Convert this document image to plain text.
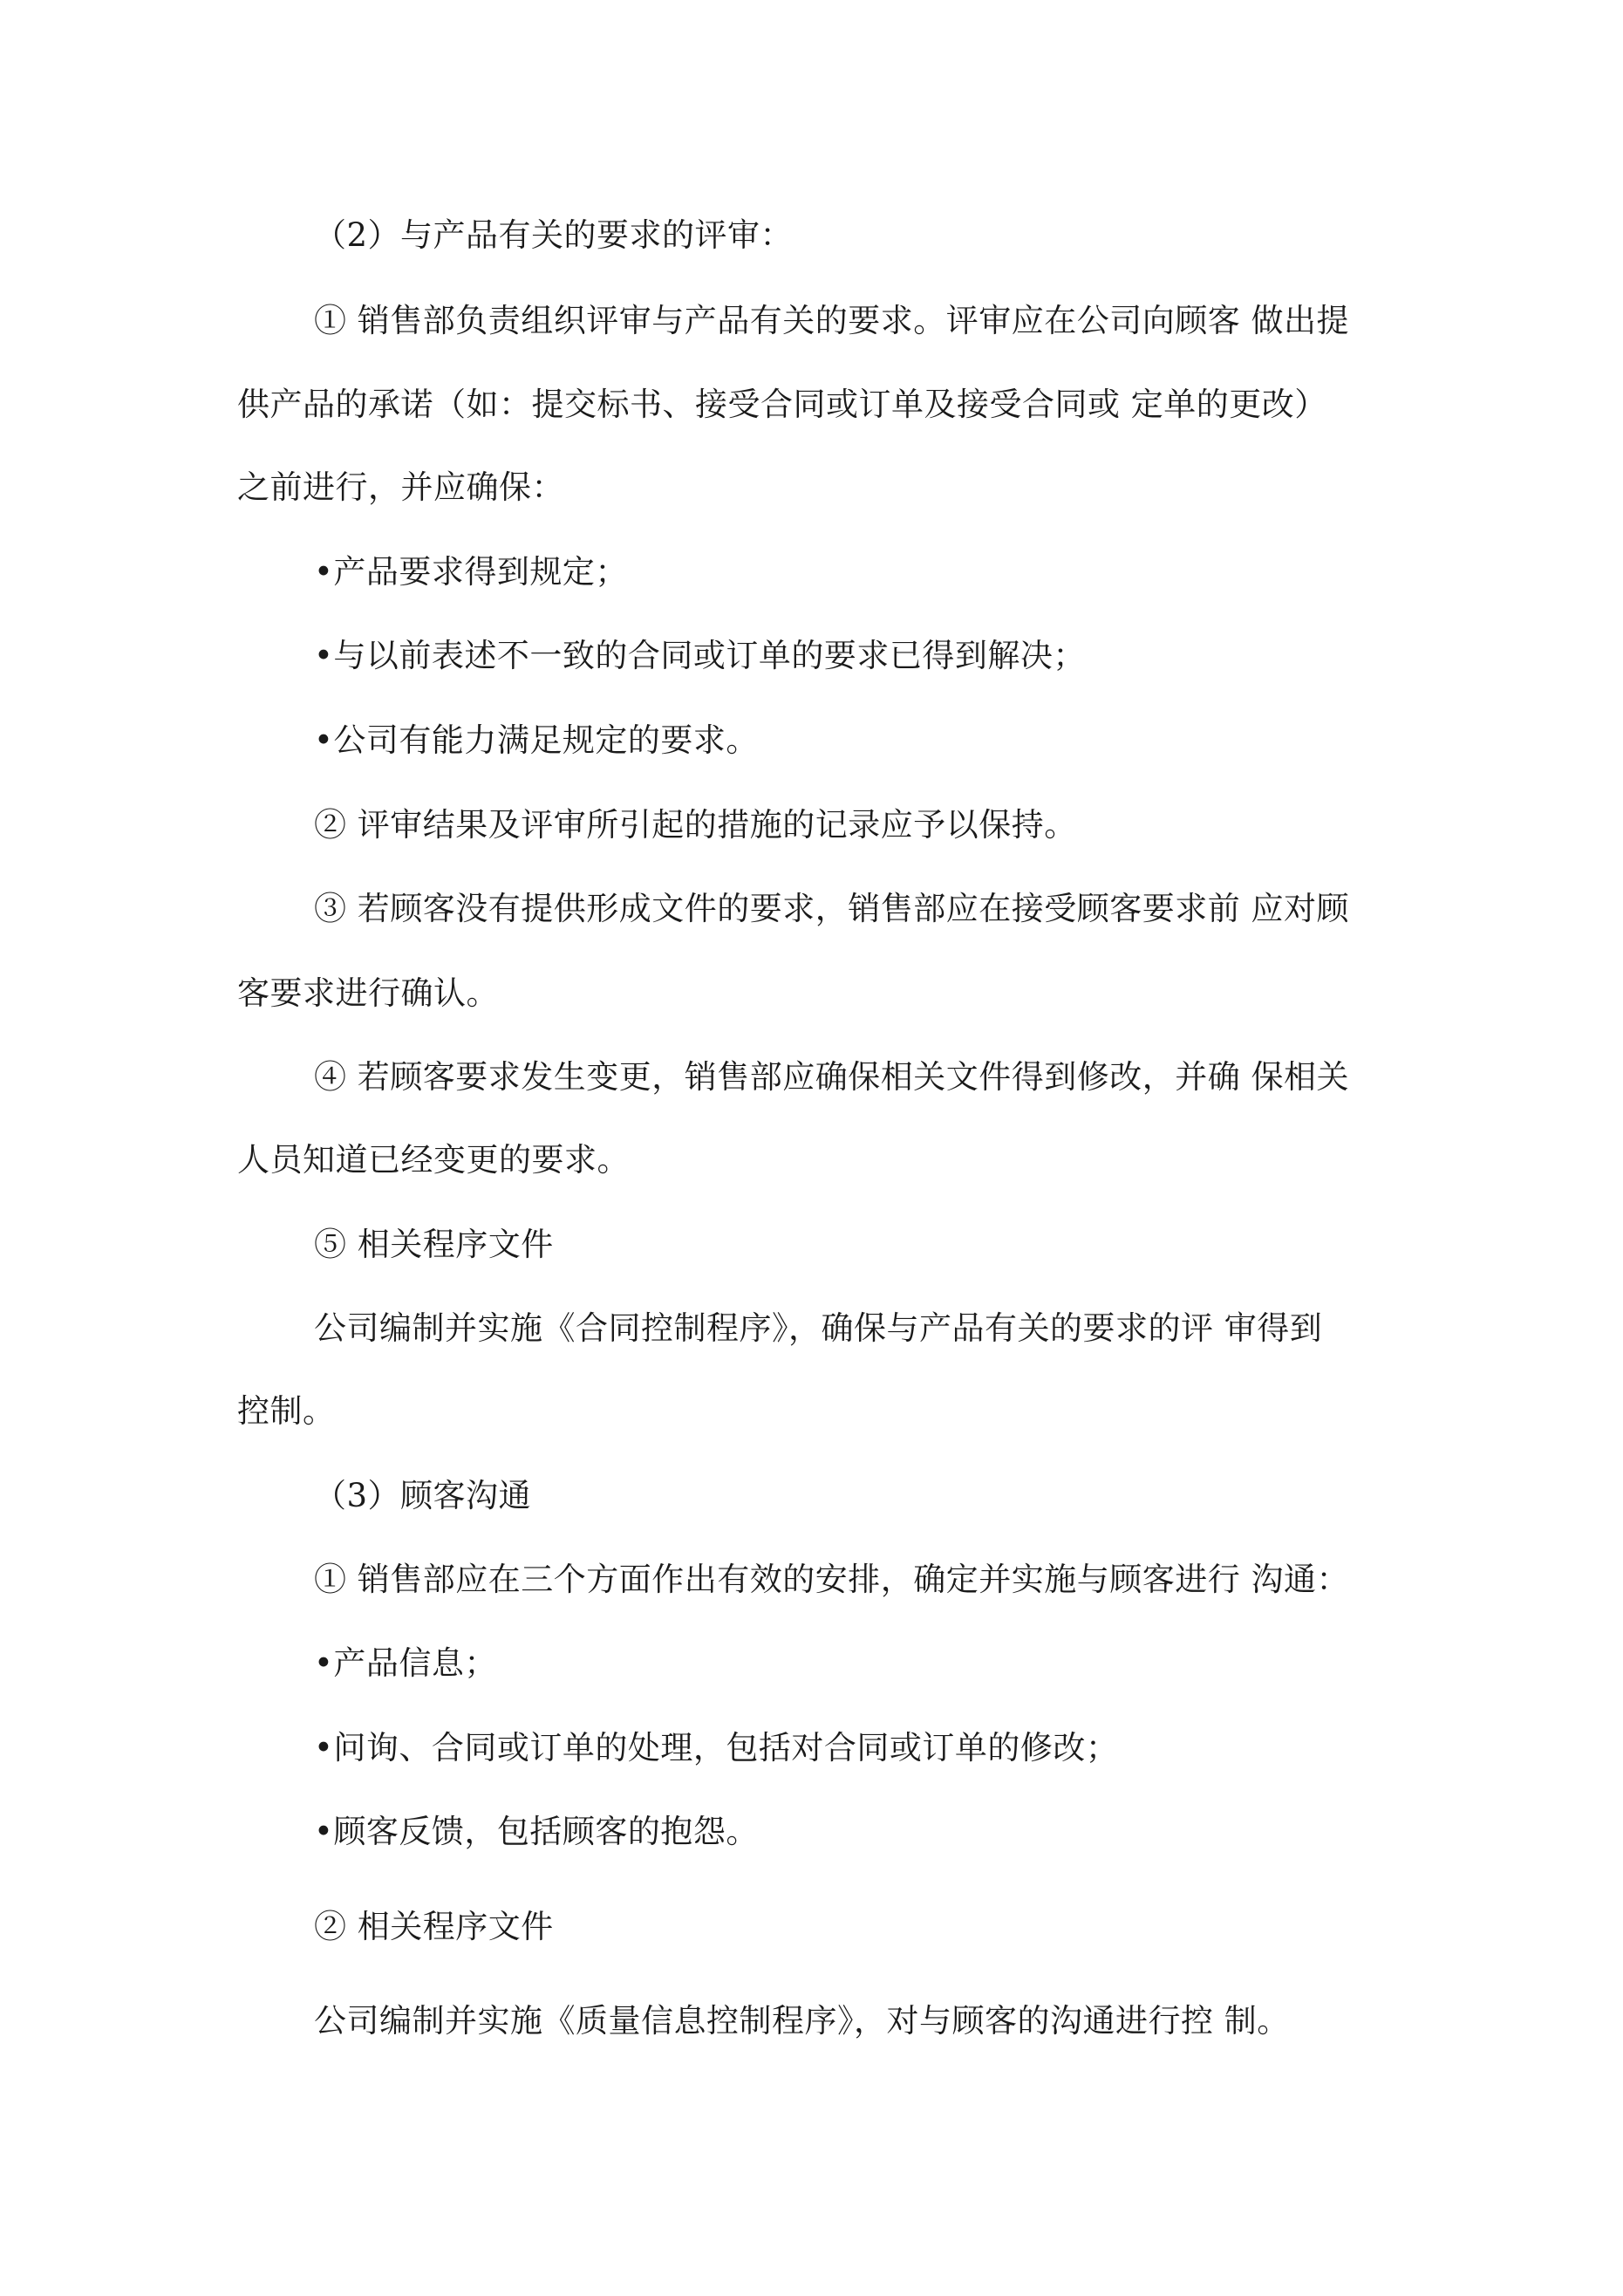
（2）与产品有关的要求的评审：
① 销售部负责组织评审与产品有关的要求。评审应在公司向顾客 做出提
供产品的承诺（如：提交标书、接受合同或订单及接受合同或 定单的更改）
之前进行，并应确保：
•产品要求得到规定；
•与以前表述不一致的合同或订单的要求已得到解决；
•公司有能力满足规定的要求。
② 评审结果及评审所引起的措施的记录应予以保持。
③ 若顾客没有提供形成文件的要求，销售部应在接受顾客要求前 应对顾
客要求进行确认。
④ 若顾客要求发生变更，销售部应确保相关文件得到修改，并确 保相关
人员知道已经变更的要求。
⑤ 相关程序文件
公司编制并实施《合同控制程序》，确保与产品有关的要求的评 审得到
控制。
（3）顾客沟通
① 销售部应在三个方面作出有效的安排，确定并实施与顾客进行 沟通：
•产品信息；
•问询、合同或订单的处理，包括对合同或订单的修改；
•顾客反馈，包括顾客的抱怨。
② 相关程序文件
公司编制并实施《质量信息控制程序》，对与顾客的沟通进行控 制。
